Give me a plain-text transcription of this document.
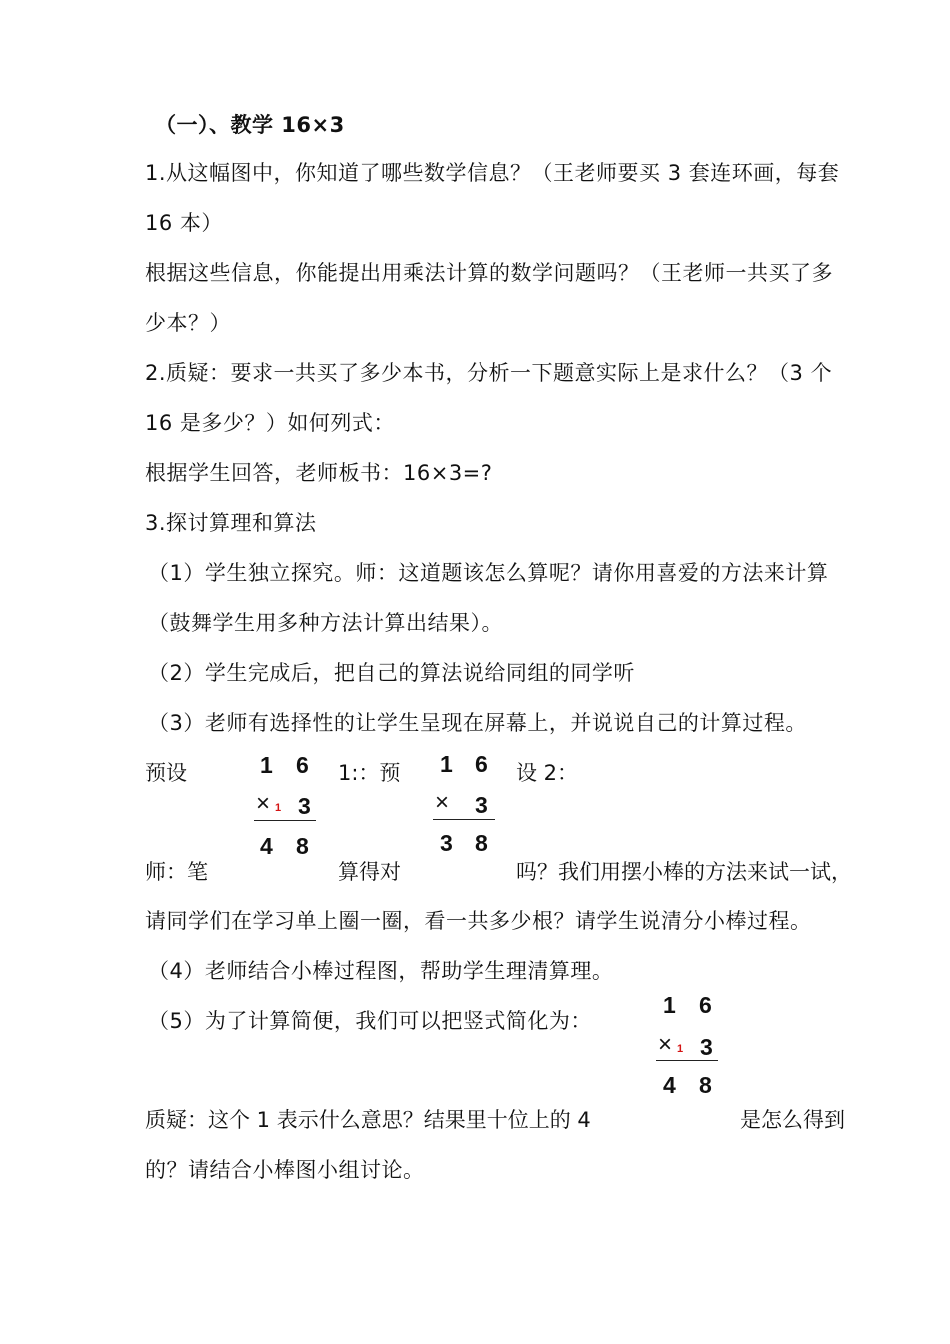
（一）、教学 16×3
1.从这幅图中，你知道了哪些数学信息？（王老师要买 3 套连环画，每套
16 本）
根据这些信息，你能提出用乘法计算的数学问题吗？（王老师一共买了多
少本？）
2.质疑：要求一共买了多少本书，分析一下题意实际上是求什么？（3 个
16 是多少？）如何列式：
根据学生回答，老师板书：16×3=?
3.探讨算理和算法
（1）学生独立探究。师：这道题该怎么算呢？请你用喜爱的方法来计算
（鼓舞学生用多种方法计算出结果）。
（2）学生完成后，把自己的算法说给同组的同学听
（3）老师有选择性的让学生呈现在屏幕上，并说说自己的计算过程。
预设	1:：预	设 2：
1 6
× 1 3
4 8
1 6
× 3
3 8
师：笔	算得对	吗？我们用摆小棒的方法来试一试，
请同学们在学习单上圈一圈，看一共多少根？请学生说清分小棒过程。
（4）老师结合小棒过程图，帮助学生理清算理。
（5）为了计算简便，我们可以把竖式简化为：
1 6
× 1 3
4 8
质疑：这个 1 表示什么意思？结果里十位上的 4	是怎么得到
的？请结合小棒图小组讨论。
